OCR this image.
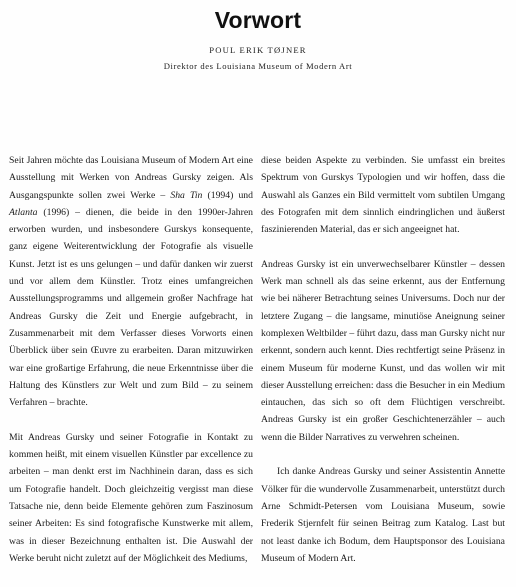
Vorwort
POUL ERIK TØJNER
Direktor des Louisiana Museum of Modern Art

Seit Jahren möchte das Louisiana Museum of Modern Art eine Ausstellung mit Werken von Andreas Gursky zeigen. Als Ausgangspunkte sollen zwei Werke – Sha Tin (1994) und Atlanta (1996) – dienen, die beide in den 1990er-Jahren erworben wurden, und insbesondere Gurskys konsequente, ganz eigene Weiterentwicklung der Fotografie als visuelle Kunst. Jetzt ist es uns gelungen – und dafür danken wir zuerst und vor allem dem Künstler. Trotz eines umfangreichen Ausstellungsprogramms und allgemein großer Nachfrage hat Andreas Gursky die Zeit und Energie aufgebracht, in Zusammenarbeit mit dem Verfasser dieses Vorworts einen Überblick über sein Œuvre zu erarbeiten. Daran mitzuwirken war eine großartige Erfahrung, die neue Erkenntnisse über die Haltung des Künstlers zur Welt und zum Bild – zu seinem Verfahren – brachte.

Mit Andreas Gursky und seiner Fotografie in Kontakt zu kommen heißt, mit einem visuellen Künstler par excellence zu arbeiten – man denkt erst im Nachhinein daran, dass es sich um Fotografie handelt. Doch gleichzeitig vergisst man diese Tatsache nie, denn beide Elemente gehören zum Faszinosum seiner Arbeiten: Es sind fotografische Kunstwerke mit allem, was in dieser Bezeichnung enthalten ist. Die Auswahl der Werke beruht nicht zuletzt auf der Möglichkeit des Mediums,

diese beiden Aspekte zu verbinden. Sie umfasst ein breites Spektrum von Gurskys Typologien und wir hoffen, dass die Auswahl als Ganzes ein Bild vermittelt vom subtilen Umgang des Fotografen mit dem sinnlich eindringlichen und äußerst faszinierenden Material, das er sich angeeignet hat.

Andreas Gursky ist ein unverwechselbarer Künstler – dessen Werk man schnell als das seine erkennt, aus der Entfernung wie bei näherer Betrachtung seines Universums. Doch nur der letztere Zugang – die langsame, minutiöse Aneignung seiner komplexen Weltbilder – führt dazu, dass man Gursky nicht nur erkennt, sondern auch kennt. Dies rechtfertigt seine Präsenz in einem Museum für moderne Kunst, und das wollen wir mit dieser Ausstellung erreichen: dass die Besucher in ein Medium eintauchen, das sich so oft dem Flüchtigen verschreibt. Andreas Gursky ist ein großer Geschichtenerzähler – auch wenn die Bilder Narratives zu verwehren scheinen.

Ich danke Andreas Gursky und seiner Assistentin Annette Völker für die wundervolle Zusammenarbeit, unterstützt durch Arne Schmidt-Petersen vom Louisiana Museum, sowie Frederik Stjernfelt für seinen Beitrag zum Katalog. Last but not least danke ich Bodum, dem Hauptsponsor des Louisiana Museum of Modern Art.
